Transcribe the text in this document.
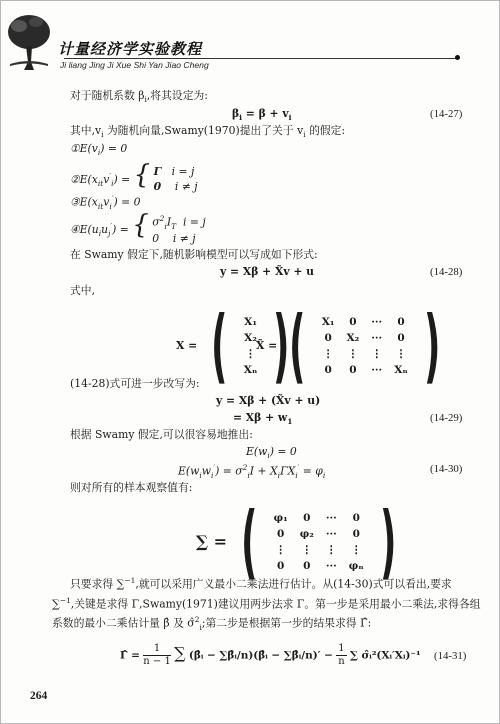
计量经济学实验教程
Ji liang Jing Ji Xue Shi Yan Jiao Cheng
对于随机系数 $\beta_i$,将其设定为:
$\beta_i = \beta + v_i$	(14-27)
其中$,v_i$ 为随机向量,Swamy(1970)提出了关于 $v_i$ 的假定:
$①E(v_i) = 0$
$②E(x_{it}v'_i)$ = { Γ i = j
0 i ≠ j
$③E(x_{it}v_i') = 0$
$④E(u_iu_j')$ = { $\sigma^2_iI_T$ i = j
0 i ≠ j
在 Swamy 假定下,随机影响模型可以写成如下形式:
y = Xβ + X̃v + u	(14-28)
式中,
X = ( X₁
X₂
⋮
Xₙ )
X̃ = ( X₁	0	···	0
0	X₂	···	0
⋮	⋮	⋮	⋮
0	0	···	Xₙ )
(14-28)式可进一步改写为:
y = Xβ + (X̃v + u)
= $X\beta + w_1$	(14-29)
根据 Swamy 假定,可以很容易地推出:
$E(w_i) = 0$
$E(w_iw_i') = \sigma^2_iI + X_i\Gamma X_i' = \varphi_i$
(14-30)
则对所有的样本观察值有:
∑ = ( φ₁	0	···	0
0	φ₂	···	0
⋮	⋮	⋮	⋮
0	0	···	φₙ )
只要求得 ∑$^{-1}$,就可以采用广义最小二乘法进行估计。从(14-30)式可以看出,要求
∑$^{-1}$,关键是求得 Γ,Swamy(1971)建议用两步法求 Γ。第一步是采用最小二乘法,求得各组
系数的最小二乘估计量 β̂ 及 σ̂$^2_i$;第二步是根据第一步的结果求得 Γ̂:
Γ̂ = $\frac{1}{n - 1}$ ∑ (β̂ᵢ − ∑β̂ᵢ/n)(β̂ᵢ − ∑β̂ᵢ/n)′ − $\frac{1}{n}$ ∑ σ̂ᵢ²(Xᵢ′Xᵢ)⁻¹ (14-31)
264
